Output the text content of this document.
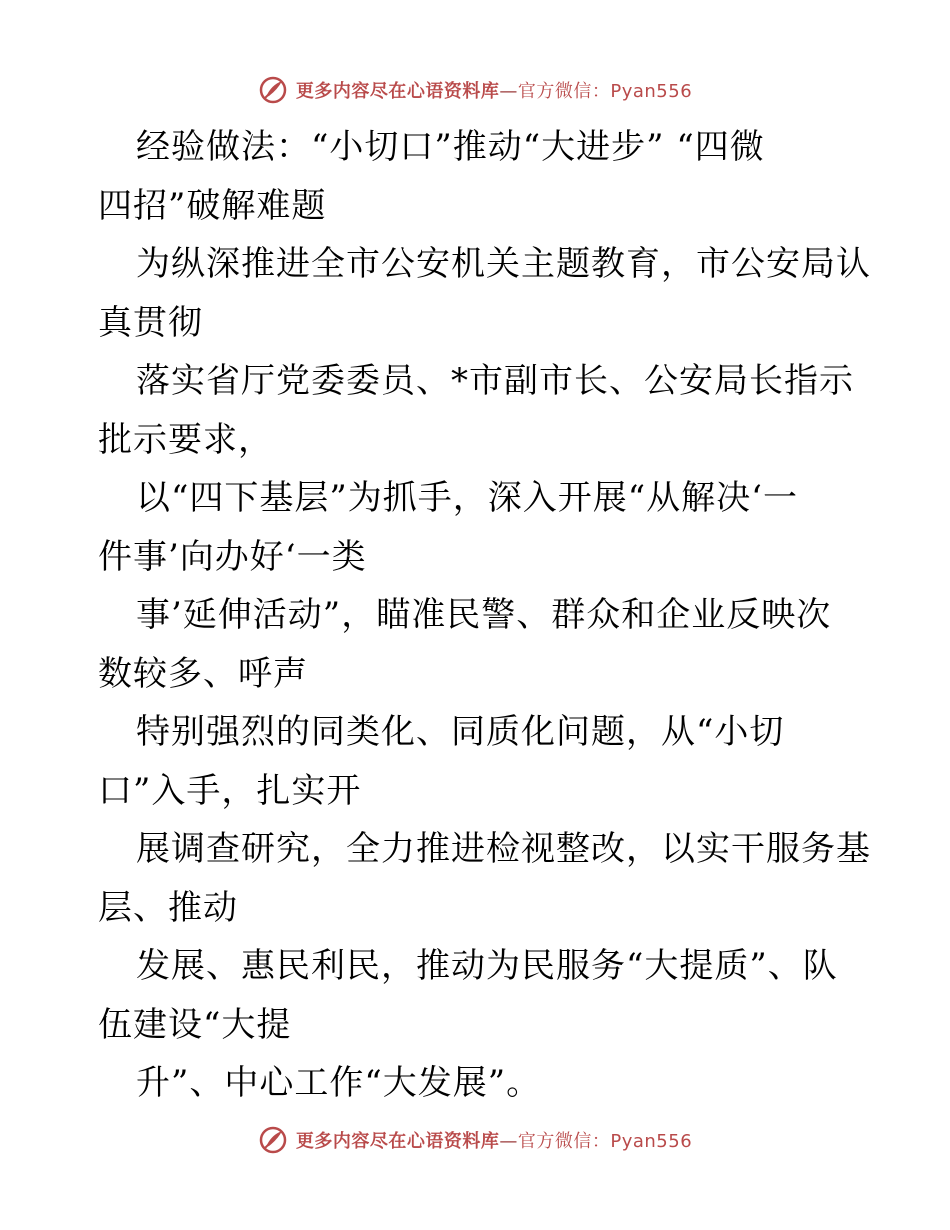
更多内容尽在心语资料库—官方微信：Pyan556
经验做法：“小切口”推动“大进步” “四微
四招”破解难题
为纵深推进全市公安机关主题教育，市公安局认
真贯彻
落实省厅党委委员、*市副市长、公安局长指示
批示要求，
以“四下基层”为抓手，深入开展“从解决‘一
件事’向办好‘一类
事’延伸活动”，瞄准民警、群众和企业反映次
数较多、呼声
特别强烈的同类化、同质化问题，从“小切
口”入手，扎实开
展调查研究，全力推进检视整改，以实干服务基
层、推动
发展、惠民利民，推动为民服务“大提质”、队
伍建设“大提
升”、中心工作“大发展”。
更多内容尽在心语资料库—官方微信：Pyan556
